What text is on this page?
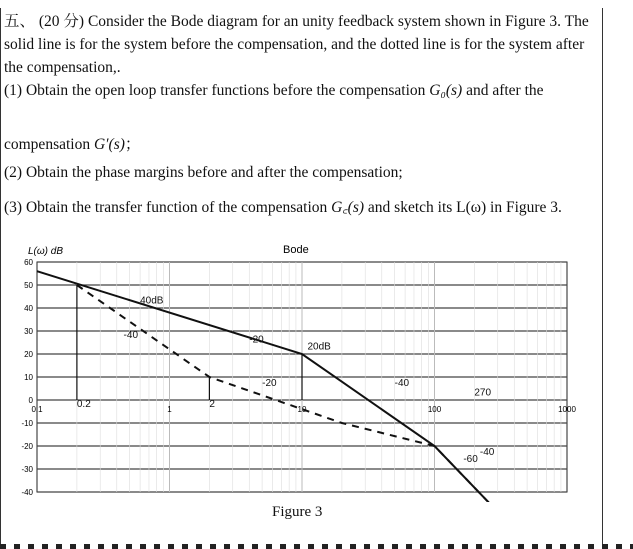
五、 (20 分) Consider the Bode diagram for an unity feedback system shown in Figure 3. The solid line is for the system before the compensation, and the dotted line is for the system after the compensation,.

(1) Obtain the open loop transfer functions before the compensation G₀(s) and after the

compensation G′(s)；
(2) Obtain the phase margins before and after the compensation;
(3) Obtain the transfer function of the compensation G꜀(s) and sketch its L(ω) in Figure 3.
L(ω) dB	Bode
60
50
40
30
20
10
0
-10
-20
-30
-40
0.1	1	10	100	1000
40dB
-40	-20
20dB
-20	-40
0.2	2
270
-40
-60
Figure 3
